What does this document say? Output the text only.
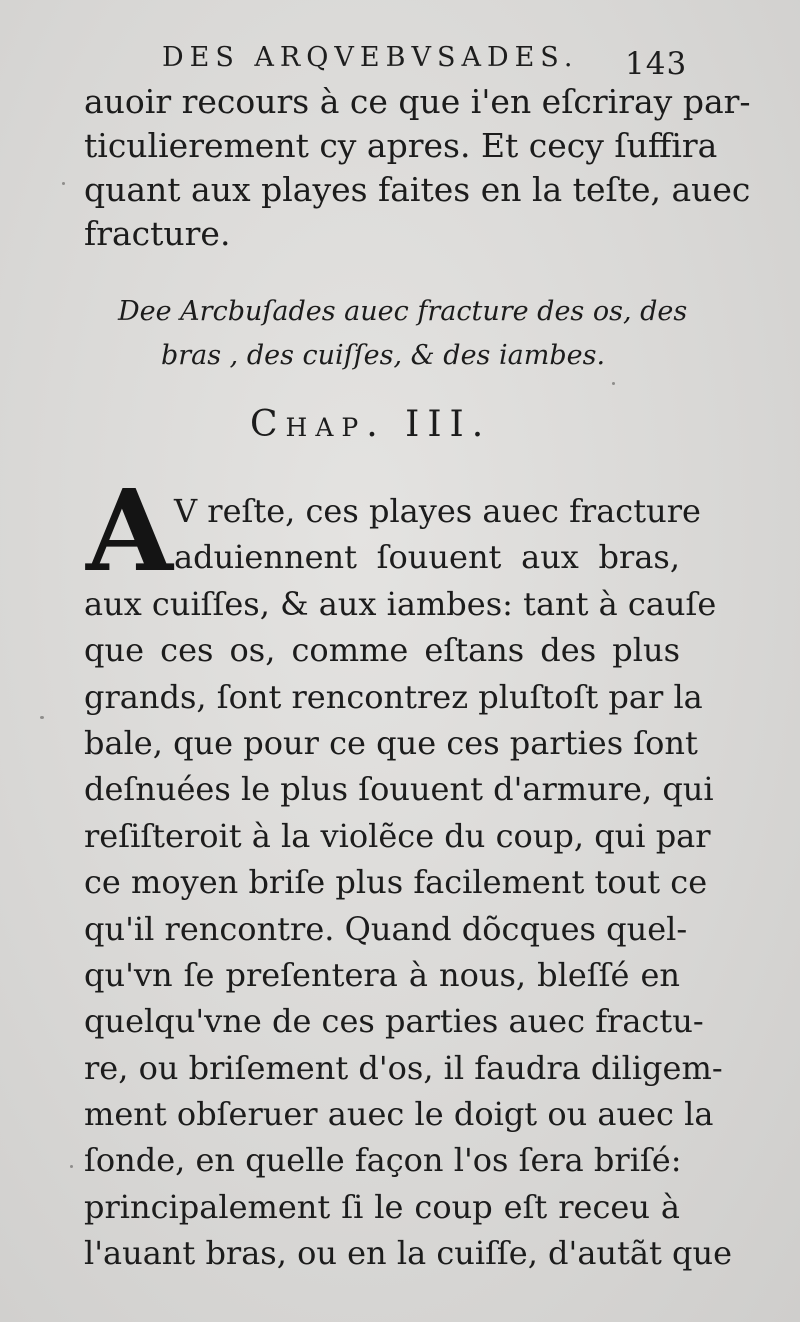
DES ARQVEBVSADES. 143
auoir recours à ce que i'en eſcriray par-
ticulierement cy apres. Et cecy ſuffira
quant aux playes faites en la teſte, auec
fracture.
Dee Arcbuſades auec fracture des os, des
bras , des cuiſſes, & des iambes.
Chap. III.
A V reſte, ces playes auec fracture
aduiennent ſouuent aux bras,
aux cuiſſes, & aux iambes: tant à cauſe
que ces os, comme eſtans des plus
grands, ſont rencontrez pluſtoſt par la
bale, que pour ce que ces parties ſont
deſnuées le plus ſouuent d'armure, qui
reſiſteroit à la violẽce du coup, qui par
ce moyen briſe plus facilement tout ce
qu'il rencontre. Quand dõcques quel-
qu'vn ſe preſentera à nous, bleſſé en
quelqu'vne de ces parties auec fractu-
re, ou briſement d'os, il faudra diligem-
ment obſeruer auec le doigt ou auec la
ſonde, en quelle façon l'os ſera briſé:
principalement ſi le coup eſt receu à
l'auant bras, ou en la cuiſſe, d'autãt que
